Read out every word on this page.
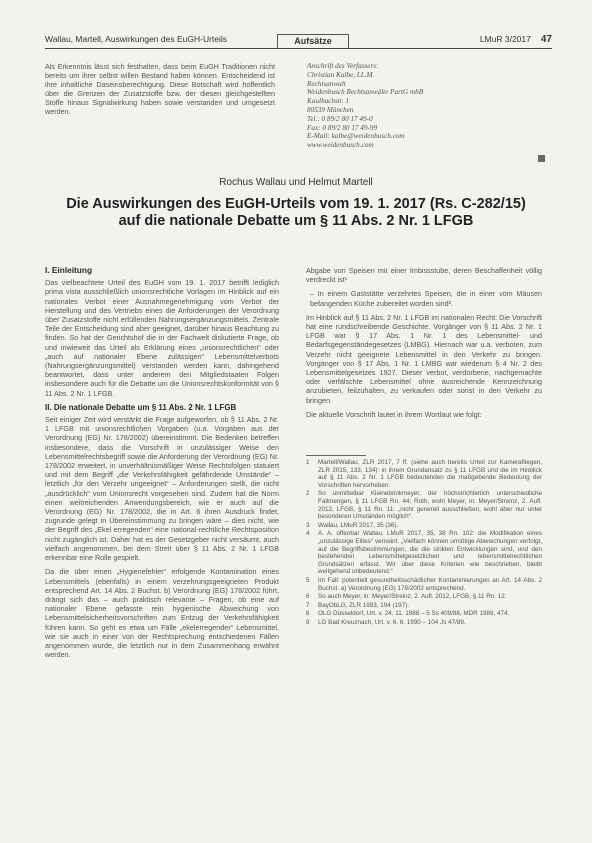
Wallau, Martell, Auswirkungen des EuGH-Urteils	Aufsätze	LMuR 3/2017 47
Als Erkenntnis lässt sich festhalten, dass beim EuGH Traditionen nicht bereits um ihrer selbst willen Bestand haben können. Entscheidend ist ihre inhaltliche Daseinsberechtigung. Diese Botschaft wird hoffentlich über die Grenzen der Zusatzstoffe bzw. der diesen gleichgestellten Stoffe hinaus Signalwirkung haben sowie verstanden und umgesetzt werden.
Anschrift des Verfassers:
Christian Kalbe, LL.M.
Rechtsanwalt
Weidenbusch Rechtsanwälte PartG mbB
Kaulbachstr. 1
80539 München
Tel.: 0 89/2 80 17 49-0
Fax: 0 89/2 80 17 49-99
E-Mail: kalbe@weidenbusch.com
www.weidenbusch.com
Rochus Wallau und Helmut Martell
Die Auswirkungen des EuGH-Urteils vom 19. 1. 2017 (Rs. C-282/15)
auf die nationale Debatte um § 11 Abs. 2 Nr. 1 LFGB
I. Einleitung

Das vielbeachtete Urteil des EuGH vom 19. 1. 2017 betrifft lediglich prima vista ausschließlich unionsrechtliche Vorlagen im Hinblick auf ein nationales Verbot einer Ausnahmegenehmigung vom Verbot der Herstellung und des Vertriebs eines die Anforderungen der Verordnung über Zusatzstoffe nicht erfüllenden Nahrungsergänzungsmittels. Zentrale Teile der Entscheidung sind aber geeignet, darüber hinaus Beachtung zu finden. So hat der Gerichtshof die in der Fachwelt diskutierte Frage, ob und inwieweit das Urteil als Erklärung eines „unionsrechtlichen“ oder „auch auf nationaler Ebene zulässigen“ Lebensmittelverbots (Nahrungsergänzungsmittel) verstanden werden kann, dahingehend beantwortet, dass unter anderem den Mitgliedstaaten Folgen insbesondere auch für die Debatte um die Unionsrechtskonformität von § 11 Abs. 2 Nr. 1 LFGB.

II. Die nationale Debatte um § 11 Abs. 2 Nr. 1 LFGB

Seit einiger Zeit wird verstärkt die Frage aufgeworfen, ob § 11 Abs. 2 Nr. 1 LFGB mit unionsrechtlichen Vorgaben (u.a. Vorgaben aus der Verordnung (EG) Nr. 178/2002) übereinstimmt. Die Bedenken betreffen insbesondere, dass die Vorschrift in unzulässiger Weise den Lebensmittelrechtsbegriff sowie die Anforderung der Verordnung (EG) Nr. 178/2002 erweitert, in unverhältnismäßiger Weise Rechtsfolgen statuiert und mit dem Begriff „die Verkehrsfähigkeit gefährdende Umstände“ – letztlich „für den Verzehr ungeeignet“ – Anforderungen stellt, die nicht „ausdrücklich“ vom Unionsrecht vorgesehen sind. Zudem hat die Norm einen weitreichenden Anwendungsbereich, wie er auch auf die Verordnung (EG) Nr. 178/2002, die in Art. 6 ihren Ausdruck findet, zugrunde gelegt in Übereinstimmung zu bringen wäre – dies nicht, wie der Begriff des „Ekel erregenden“ eine national-rechtliche Rechtsposition nicht zugänglich ist. Daher hat es der Gesetzgeber nicht versäumt, auch vielfach angenommen, bei dem Streit über § 11 Abs. 2 Nr. 1 LFGB erkennbar eine Rolle gespielt.

Da die über einen „Hygienefehler“ erfolgende Kontamination eines Lebensmittels (ebenfalls) in einem verzehrungsgeeigneten Produkt entsprechend Art. 14 Abs. 2 Buchst. b) Verordnung (EG) 178/2002 führt, drängt sich das – auch praktisch relevante – Fragen, ob eine auf nationaler Ebene gefasste rein hygienische Abweichung von Lebensmittelsicherheitsvorschriften zum Entzug der Verkehrsfähigkeit führen kann. So geht es etwa um Fälle „ekelerregender“ Lebensmittel, wie sie auch in einer von der Rechtsprechung entschiedenen Fällen angenommen wurde, die letztlich nur in dem Zusammenhang erwähnt werden.

Abgabe von Speisen mit einer Imbissstube, deren Beschaffenheit völlig verdreckt ist¹

– In einem Gaststätte verzehrtes Speisen, die in einer vom Mäusen befangenden Küche zubereitet worden sind².

Im Hinblick auf § 11 Abs. 2 Nr. 1 LFGB im nationalen Recht: Die Vorschrift hat eine rundschreibende Geschichte. Vorgänger von § 11 Abs. 2 Nr. 1 LFGB war § 17 Abs. 1 Nr. 1 des Lebensmittel- und Bedarfsgegenständegesetzes (LMBG). Hiernach war u.a. verboten, zum Verzehr nicht geeignete Lebensmittel in den Verkehr zu bringen. Vorgänger von § 17 Abs. 1 Nr. 1 LMBG war wiederum § 4 Nr. 2 des Lebensmittelgesetzes 1927. Dieser verbot, verdorbene, nachgemachte oder verfälschte Lebensmittel ohne ausreichende Kennzeichnung anzubieten, feilzuhalten, zu verkaufen oder sonst in den Verkehr zu bringen.

Die aktuelle Vorschrift lautet in ihrem Wortlaut wie folgt:

1	Martell/Wallau, ZLR 2017, 7 ff. (siehe auch bereits Urteil zur Kamerafliegen, ZLR 2015, 133, 134): in ihrem Grundansatz zu § 11 LFGB und die im Hinblick auf § 11 Abs. 2 Nr. 1 LFGB bedeutenden die maßgebende Bedeutung der Vorschriften hervorheben.
2	So unmittelbar Kleinebrinkmeyer, der höchstrichterlich unterschiedliche Fallmengen, § 11 LFGB Rn. 44; Roth, wohl Meyer, in: Meyer/Streinz, 2. Aufl. 2012, LFGB, § 11 Rn. 11: „nicht generell ausschließen, wohl aber nur unter besonderen Umständen möglich“.
3	Wallau, LMuR 2017, 35 (36).
4	A. A. offenbar Wallau, LMuR 2017, 35, 38 Rn. 102: die Modifikation eines „unzulässige Eiltes“ verneint. „Vielfach können unnötige Abweichungen verfolgt, auf die Begriffsbestimmungen, die die strikten Entwicklungen sind, und den bestehenden Lebensmittelgesetzlichen und lebensmittelrechtlichen Grundsätzen erfasst. Wir über diese Kriterien wie beschrieben, bleibt weitgehend unbedeutend.“
5	Im Fall: potentiell gesundheitsschädlicher Kontaminierungen an Art. 14 Abs. 2 Buchst. a) Verordnung (EG) 178/2002 entsprechend.
6	So auch Meyer, in: Meyer/Streinz, 2. Aufl. 2012, LFGB, § 11 Rn. 12.
7	BayObLG, ZLR 1993, 194 (197).
8	OLG Düsseldorf, Urt. v. 24. 11. 1988 – 5 Ss 409/88, MDR 1989, 474.
9	LG Bad Kreuznach, Urt. v. 6. 6. 1990 – 104 Js 47/89.
